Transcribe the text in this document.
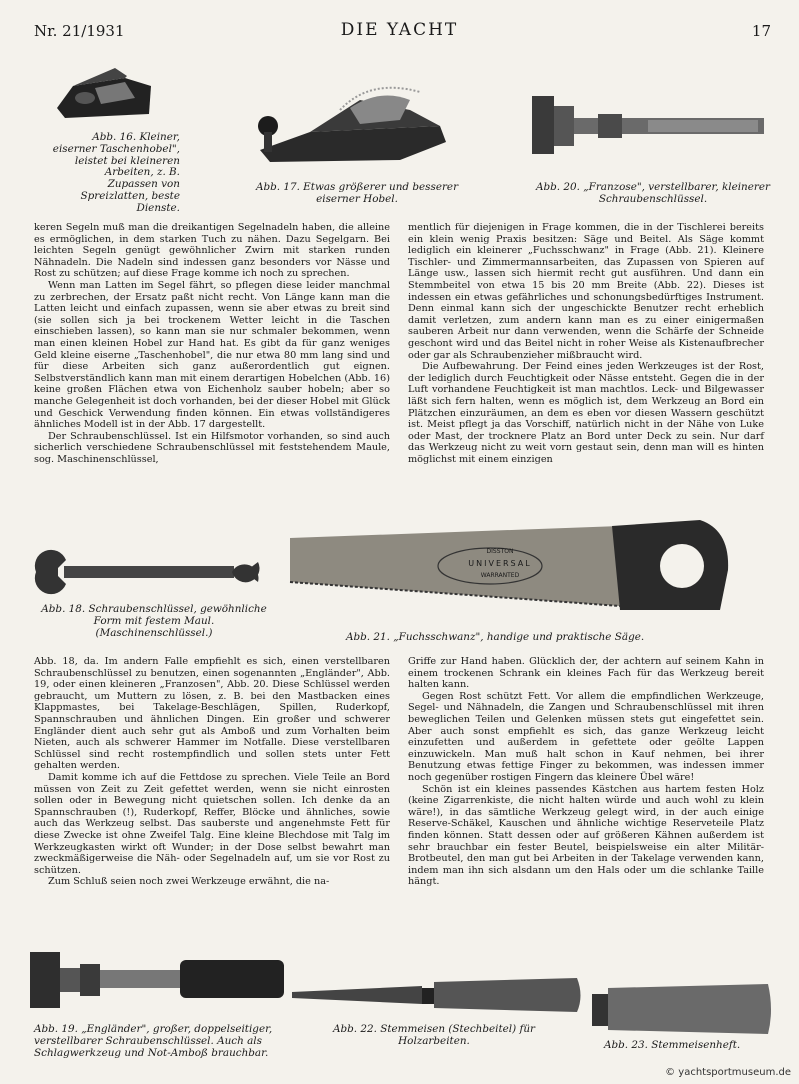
Nr. 21/1931	DIE YACHT	17
Abb. 16. Kleiner, eiserner Taschenhobel", leistet bei kleineren Arbeiten, z. B. Zupassen von Spreizlatten, beste Dienste.
Abb. 17. Etwas größerer und besserer eiserner Hobel.
Abb. 20. „Franzose", verstellbarer, kleinerer Schraubenschlüssel.

keren Segeln muß man die dreikantigen Segelnadeln haben, die alleine es ermöglichen, in dem starken Tuch zu nähen. Dazu Segelgarn. Bei leichten Segeln genügt gewöhnlicher Zwirn mit starken runden Nähnadeln. Die Nadeln sind indessen ganz besonders vor Nässe und Rost zu schützen; auf diese Frage komme ich noch zu sprechen.

Wenn man Latten im Segel fährt, so pflegen diese leider manchmal zu zerbrechen, der Ersatz paßt nicht recht. Von Länge kann man die Latten leicht und einfach zupassen, wenn sie aber etwas zu breit sind (sie sollen sich ja bei trockenem Wetter leicht in die Taschen einschieben lassen), so kann man sie nur schmaler bekommen, wenn man einen kleinen Hobel zur Hand hat. Es gibt da für ganz weniges Geld kleine eiserne „Taschenhobel", die nur etwa 80 mm lang sind und für diese Arbeiten sich ganz außerordentlich gut eignen. Selbstverständlich kann man mit einem derartigen Hobelchen (Abb. 16) keine großen Flächen etwa von Eichenholz sauber hobeln; aber so manche Gelegenheit ist doch vorhanden, bei der dieser Hobel mit Glück und Geschick Verwendung finden können. Ein etwas vollständigeres ähnliches Modell ist in der Abb. 17 dargestellt.

Der Schraubenschlüssel. Ist ein Hilfsmotor vorhanden, so sind auch sicherlich verschiedene Schraubenschlüssel mit feststehendem Maule, sog. Maschinenschlüssel,

mentlich für diejenigen in Frage kommen, die in der Tischlerei bereits ein klein wenig Praxis besitzen: Säge und Beitel. Als Säge kommt lediglich ein kleinerer „Fuchsschwanz" in Frage (Abb. 21). Kleinere Tischler- und Zimmermannsarbeiten, das Zupassen von Spieren auf Länge usw., lassen sich hiermit recht gut ausführen. Und dann ein Stemmbeitel von etwa 15 bis 20 mm Breite (Abb. 22). Dieses ist indessen ein etwas gefährliches und schonungsbedürftiges Instrument. Denn einmal kann sich der ungeschickte Benutzer recht erheblich damit verletzen, zum andern kann man es zu einer einigermaßen sauberen Arbeit nur dann verwenden, wenn die Schärfe der Schneide geschont wird und das Beitel nicht in roher Weise als Kistenaufbrecher oder gar als Schraubenzieher mißbraucht wird.

Die Aufbewahrung. Der Feind eines jeden Werkzeuges ist der Rost, der lediglich durch Feuchtigkeit oder Nässe entsteht. Gegen die in der Luft vorhandene Feuchtigkeit ist man machtlos. Leck- und Bilgewasser läßt sich fern halten, wenn es möglich ist, dem Werkzeug an Bord ein Plätzchen einzuräumen, an dem es eben vor diesen Wassern geschützt ist. Meist pflegt ja das Vorschiff, natürlich nicht in der Nähe von Luke oder Mast, der trocknere Platz an Bord unter Deck zu sein. Nur darf das Werkzeug nicht zu weit vorn gestaut sein, denn man will es hinten möglichst mit einem einzigen

DISSTON
UNIVERSAL
WARRANTED
Abb. 18. Schraubenschlüssel, gewöhnliche Form mit festem Maul. (Maschinenschlüssel.)	Abb. 21. „Fuchsschwanz", handige und praktische Säge.

Abb. 18, da. Im andern Falle empfiehlt es sich, einen verstellbaren Schraubenschlüssel zu benutzen, einen sogenannten „Engländer", Abb. 19, oder einen kleineren „Franzosen", Abb. 20. Diese Schlüssel werden gebraucht, um Muttern zu lösen, z. B. bei den Mastbacken eines Klappmastes, bei Takelage-Beschlägen, Spillen, Ruderkopf, Spannschrauben und ähnlichen Dingen. Ein großer und schwerer Engländer dient auch sehr gut als Amboß und zum Vorhalten beim Nieten, auch als schwerer Hammer im Notfalle. Diese verstellbaren Schlüssel sind recht rostempfindlich und sollen stets unter Fett gehalten werden.

Damit komme ich auf die Fettdose zu sprechen. Viele Teile an Bord müssen von Zeit zu Zeit gefettet werden, wenn sie nicht einrosten sollen oder in Bewegung nicht quietschen sollen. Ich denke da an Spannschrauben (!), Ruderkopf, Reffer, Blöcke und ähnliches, sowie auch das Werkzeug selbst. Das sauberste und angenehmste Fett für diese Zwecke ist ohne Zweifel Talg. Eine kleine Blechdose mit Talg im Werkzeugkasten wirkt oft Wunder; in der Dose selbst bewahrt man zweckmäßigerweise die Näh- oder Segelnadeln auf, um sie vor Rost zu schützen.

Zum Schluß seien noch zwei Werkzeuge erwähnt, die na-

Griffe zur Hand haben. Glücklich der, der achtern auf seinem Kahn in einem trockenen Schrank ein kleines Fach für das Werkzeug bereit halten kann.

Gegen Rost schützt Fett. Vor allem die empfindlichen Werkzeuge, Segel- und Nähnadeln, die Zangen und Schraubenschlüssel mit ihren beweglichen Teilen und Gelenken müssen stets gut eingefettet sein. Aber auch sonst empfiehlt es sich, das ganze Werkzeug leicht einzufetten und außerdem in gefettete oder geölte Lappen einzuwickeln. Man muß halt schon in Kauf nehmen, bei ihrer Benutzung etwas fettige Finger zu bekommen, was indessen immer noch gegenüber rostigen Fingern das kleinere Übel wäre!

Schön ist ein kleines passendes Kästchen aus hartem festen Holz (keine Zigarrenkiste, die nicht halten würde und auch wohl zu klein wäre!), in das sämtliche Werkzeug gelegt wird, in der auch einige Reserve-Schäkel, Kauschen und ähnliche wichtige Reserveteile Platz finden können. Statt dessen oder auf größeren Kähnen außerdem ist sehr brauchbar ein fester Beutel, beispielsweise ein alter Militär-Brotbeutel, den man gut bei Arbeiten in der Takelage verwenden kann, indem man ihn sich alsdann um den Hals oder um die schlanke Taille hängt.

Abb. 19. „Engländer", großer, doppelseitiger, verstellbarer Schraubenschlüssel. Auch als Schlagwerkzeug und Not-Amboß brauchbar.
Abb. 22. Stemmeisen (Stechbeitel) für Holzarbeiten.	Abb. 23. Stemmeisenheft.
© yachtsportmuseum.de
